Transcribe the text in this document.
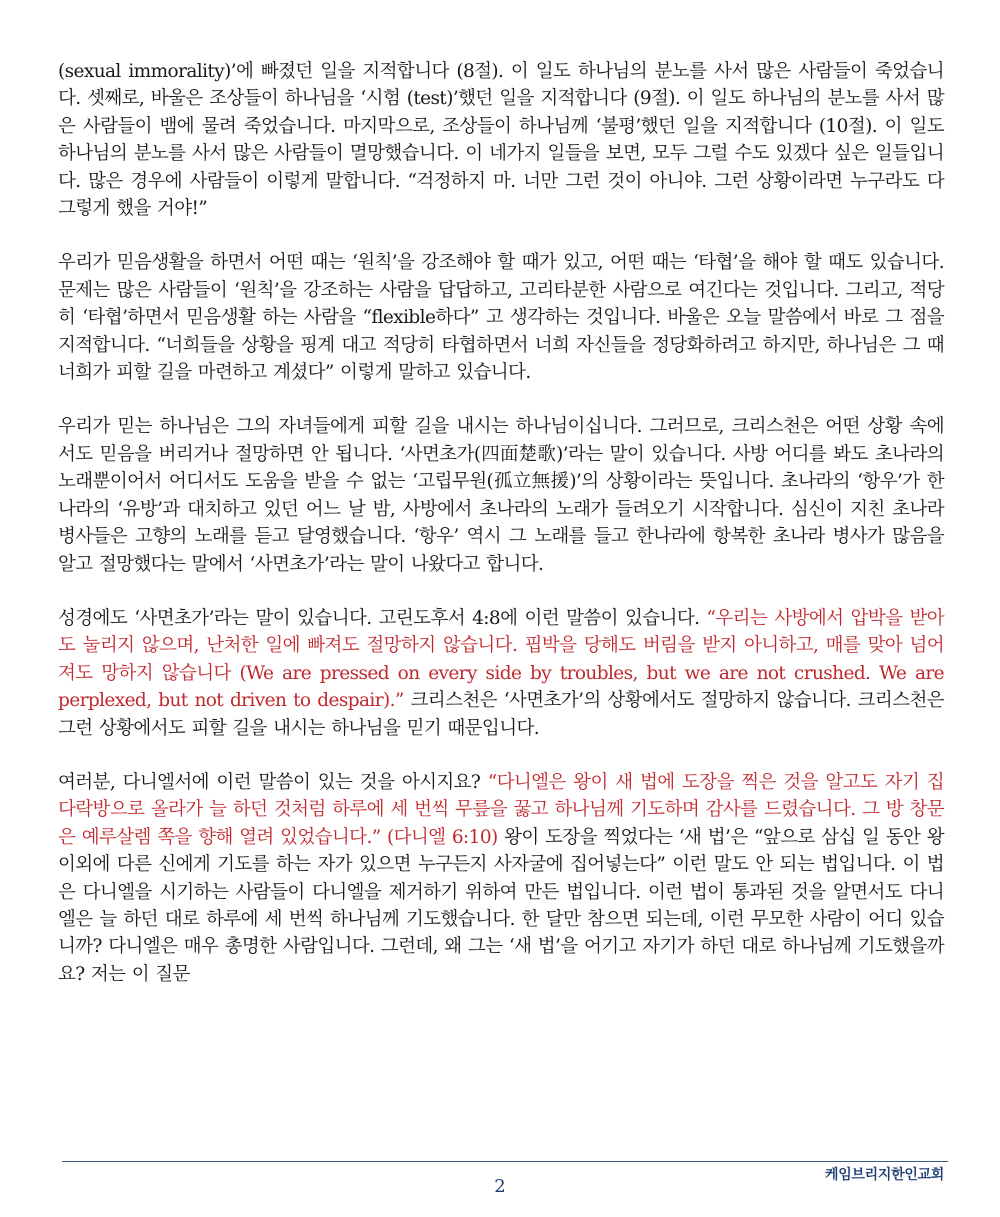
(sexual immorality)’에 빠졌던 일을 지적합니다 (8절). 이 일도 하나님의 분노를 사서 많은 사람들이 죽었습니다. 셋째로, 바울은 조상들이 하나님을 ‘시험 (test)’했던 일을 지적합니다 (9절). 이 일도 하나님의 분노를 사서 많은 사람들이 뱀에 물려 죽었습니다. 마지막으로, 조상들이 하나님께 ‘불평’했던 일을 지적합니다 (10절). 이 일도 하나님의 분노를 사서 많은 사람들이 멸망했습니다. 이 네가지 일들을 보면, 모두 그럴 수도 있겠다 싶은 일들입니다. 많은 경우에 사람들이 이렇게 말합니다. “걱정하지 마. 너만 그런 것이 아니야. 그런 상황이라면 누구라도 다 그렇게 했을 거야!”

우리가 믿음생활을 하면서 어떤 때는 ‘원칙’을 강조해야 할 때가 있고, 어떤 때는 ‘타협’을 해야 할 때도 있습니다. 문제는 많은 사람들이 ‘원칙’을 강조하는 사람을 답답하고, 고리타분한 사람으로 여긴다는 것입니다. 그리고, 적당히 ‘타협’하면서 믿음생활 하는 사람을 “flexible하다” 고 생각하는 것입니다. 바울은 오늘 말씀에서 바로 그 점을 지적합니다. “너희들을 상황을 핑계 대고 적당히 타협하면서 너희 자신들을 정당화하려고 하지만, 하나님은 그 때 너희가 피할 길을 마련하고 계셨다” 이렇게 말하고 있습니다.

우리가 믿는 하나님은 그의 자녀들에게 피할 길을 내시는 하나님이십니다. 그러므로, 크리스천은 어떤 상황 속에서도 믿음을 버리거나 절망하면 안 됩니다. ‘사면초가(四面楚歌)’라는 말이 있습니다. 사방 어디를 봐도 초나라의 노래뿐이어서 어디서도 도움을 받을 수 없는 ‘고립무원(孤立無援)’의 상황이라는 뜻입니다. 초나라의 ‘항우’가 한나라의 ‘유방’과 대치하고 있던 어느 날 밤, 사방에서 초나라의 노래가 들려오기 시작합니다. 심신이 지친 초나라 병사들은 고향의 노래를 듣고 달영했습니다. ‘항우’ 역시 그 노래를 들고 한나라에 항복한 초나라 병사가 많음을 알고 절망했다는 말에서 ‘사면초가’라는 말이 나왔다고 합니다.

성경에도 ‘사면초가’라는 말이 있습니다. 고린도후서 4:8에 이런 말씀이 있습니다. “우리는 사방에서 압박을 받아도 눌리지 않으며, 난처한 일에 빠져도 절망하지 않습니다. 핍박을 당해도 버림을 받지 아니하고, 매를 맞아 넘어져도 망하지 않습니다 (We are pressed on every side by troubles, but we are not crushed. We are perplexed, but not driven to despair).” 크리스천은 ‘사면초가’의 상황에서도 절망하지 않습니다. 크리스천은 그런 상황에서도 피할 길을 내시는 하나님을 믿기 때문입니다.

여러분, 다니엘서에 이런 말씀이 있는 것을 아시지요? “다니엘은 왕이 새 법에 도장을 찍은 것을 알고도 자기 집 다락방으로 올라가 늘 하던 것처럼 하루에 세 번씩 무릎을 꿇고 하나님께 기도하며 감사를 드렸습니다. 그 방 창문은 예루살렘 쪽을 향해 열려 있었습니다.” (다니엘 6:10) 왕이 도장을 찍었다는 ‘새 법’은 “앞으로 삼십 일 동안 왕 이외에 다른 신에게 기도를 하는 자가 있으면 누구든지 사자굴에 집어넣는다” 이런 말도 안 되는 법입니다. 이 법은 다니엘을 시기하는 사람들이 다니엘을 제거하기 위하여 만든 법입니다. 이런 법이 통과된 것을 알면서도 다니엘은 늘 하던 대로 하루에 세 번씩 하나님께 기도했습니다. 한 달만 참으면 되는데, 이런 무모한 사람이 어디 있습니까? 다니엘은 매우 총명한 사람입니다. 그런데, 왜 그는 ‘새 법’을 어기고 자기가 하던 대로 하나님께 기도했을까요? 저는 이 질문

케임브리지한인교회
2
